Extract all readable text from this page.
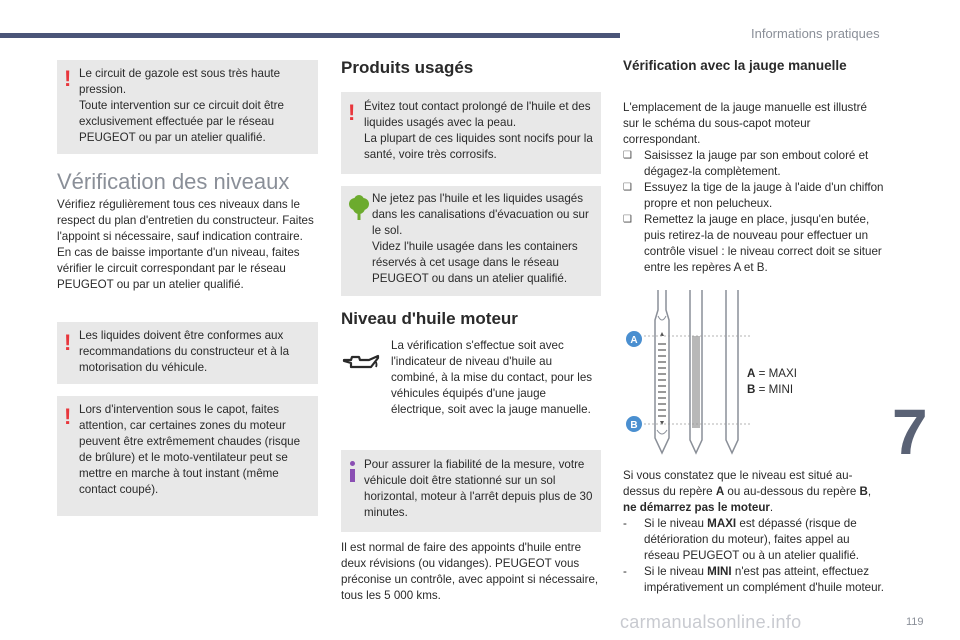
Informations pratiques
7
carmanualsonline.info	119
! Le circuit de gazole est sous très haute pression.

Toute intervention sur ce circuit doit être exclusivement effectuée par le réseau PEUGEOT ou par un atelier qualifié.

Vérification des niveaux

Vérifiez régulièrement tous ces niveaux dans le respect du plan d'entretien du constructeur. Faites l'appoint si nécessaire, sauf indication contraire.

En cas de baisse importante d'un niveau, faites vérifier le circuit correspondant par le réseau PEUGEOT ou par un atelier qualifié.

! Les liquides doivent être conformes aux recommandations du constructeur et à la motorisation du véhicule.

! Lors d'intervention sous le capot, faites attention, car certaines zones du moteur peuvent être extrêmement chaudes (risque de brûlure) et le moto-ventilateur peut se mettre en marche à tout instant (même contact coupé).

Produits usagés
! Évitez tout contact prolongé de l'huile et des liquides usagés avec la peau.

La plupart de ces liquides sont nocifs pour la santé, voire très corrosifs.

Ne jetez pas l'huile et les liquides usagés dans les canalisations d'évacuation ou sur le sol.

Videz l'huile usagée dans les containers réservés à cet usage dans le réseau PEUGEOT ou dans un atelier qualifié.

Niveau d'huile moteur

La vérification s'effectue soit avec l'indicateur de niveau d'huile au combiné, à la mise du contact, pour les véhicules équipés d'une jauge électrique, soit avec la jauge manuelle.

Pour assurer la fiabilité de la mesure, votre véhicule doit être stationné sur un sol horizontal, moteur à l'arrêt depuis plus de 30 minutes.

Il est normal de faire des appoints d'huile entre deux révisions (ou vidanges). PEUGEOT vous préconise un contrôle, avec appoint si nécessaire, tous les 5 000 kms.

Vérification avec la jauge manuelle

L'emplacement de la jauge manuelle est illustré sur le schéma du sous-capot moteur correspondant.

❑ Saisissez la jauge par son embout coloré et dégagez-la complètement.
❑ Essuyez la tige de la jauge à l'aide d'un chiffon propre et non pelucheux.
❑ Remettez la jauge en place, jusqu'en butée, puis retirez-la de nouveau pour effectuer un contrôle visuel : le niveau correct doit se situer entre les repères A et B.
A
B
A = MAXI
B = MINI

Si vous constatez que le niveau est situé au-dessus du repère A ou au-dessous du repère B, ne démarrez pas le moteur.

- Si le niveau MAXI est dépassé (risque de détérioration du moteur), faites appel au réseau PEUGEOT ou à un atelier qualifié.
- Si le niveau MINI n'est pas atteint, effectuez impérativement un complément d'huile moteur.
